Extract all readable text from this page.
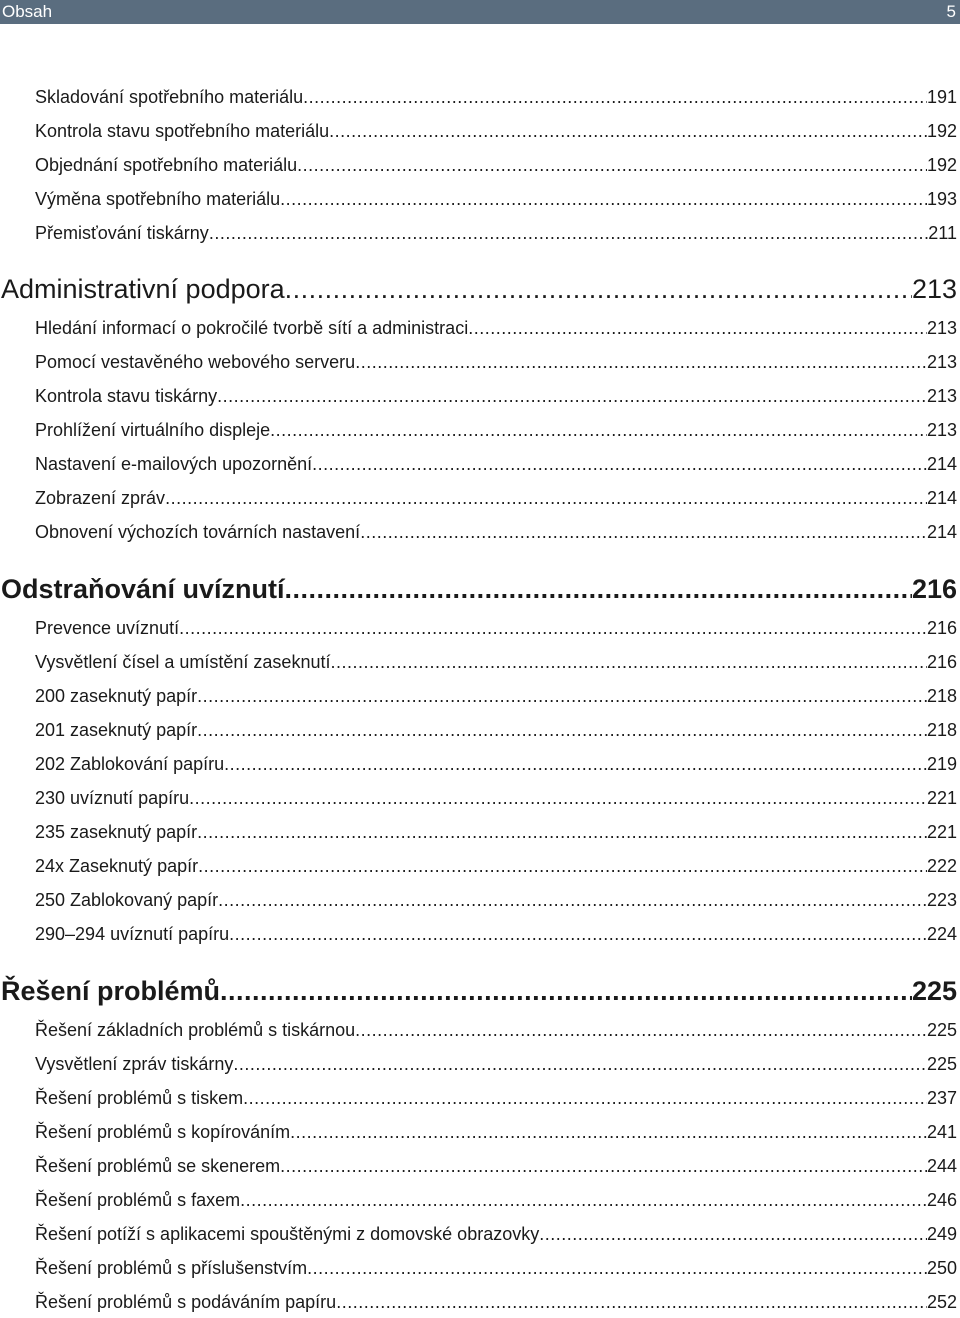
Obsah	5
Skladování spotřebního materiálu .....	191
Kontrola stavu spotřebního materiálu .....	192
Objednání spotřebního materiálu .....	192
Výměna spotřebního materiálu .....	193
Přemisťování tiskárny .....	211
Administrativní podpora .....	213
Hledání informací o pokročilé tvorbě sítí a administraci .....	213
Pomocí vestavěného webového serveru .....	213
Kontrola stavu tiskárny .....	213
Prohlížení virtuálního displeje .....	213
Nastavení e-mailových upozornění .....	214
Zobrazení zpráv .....	214
Obnovení výchozích továrních nastavení .....	214
Odstraňování uvíznutí .....	216
Prevence uvíznutí .....	216
Vysvětlení čísel a umístění zaseknutí .....	216
200 zaseknutý papír .....	218
201 zaseknutý papír .....	218
202 Zablokování papíru .....	219
230 uvíznutí papíru .....	221
235 zaseknutý papír .....	221
24x Zaseknutý papír .....	222
250 Zablokovaný papír .....	223
290–294 uvíznutí papíru .....	224
Řešení problémů .....	225
Řešení základních problémů s tiskárnou .....	225
Vysvětlení zpráv tiskárny .....	225
Řešení problémů s tiskem .....	237
Řešení problémů s kopírováním .....	241
Řešení problémů se skenerem .....	244
Řešení problémů s faxem .....	246
Řešení potíží s aplikacemi spouštěnými z domovské obrazovky .....	249
Řešení problémů s příslušenstvím .....	250
Řešení problémů s podáváním papíru .....	252
